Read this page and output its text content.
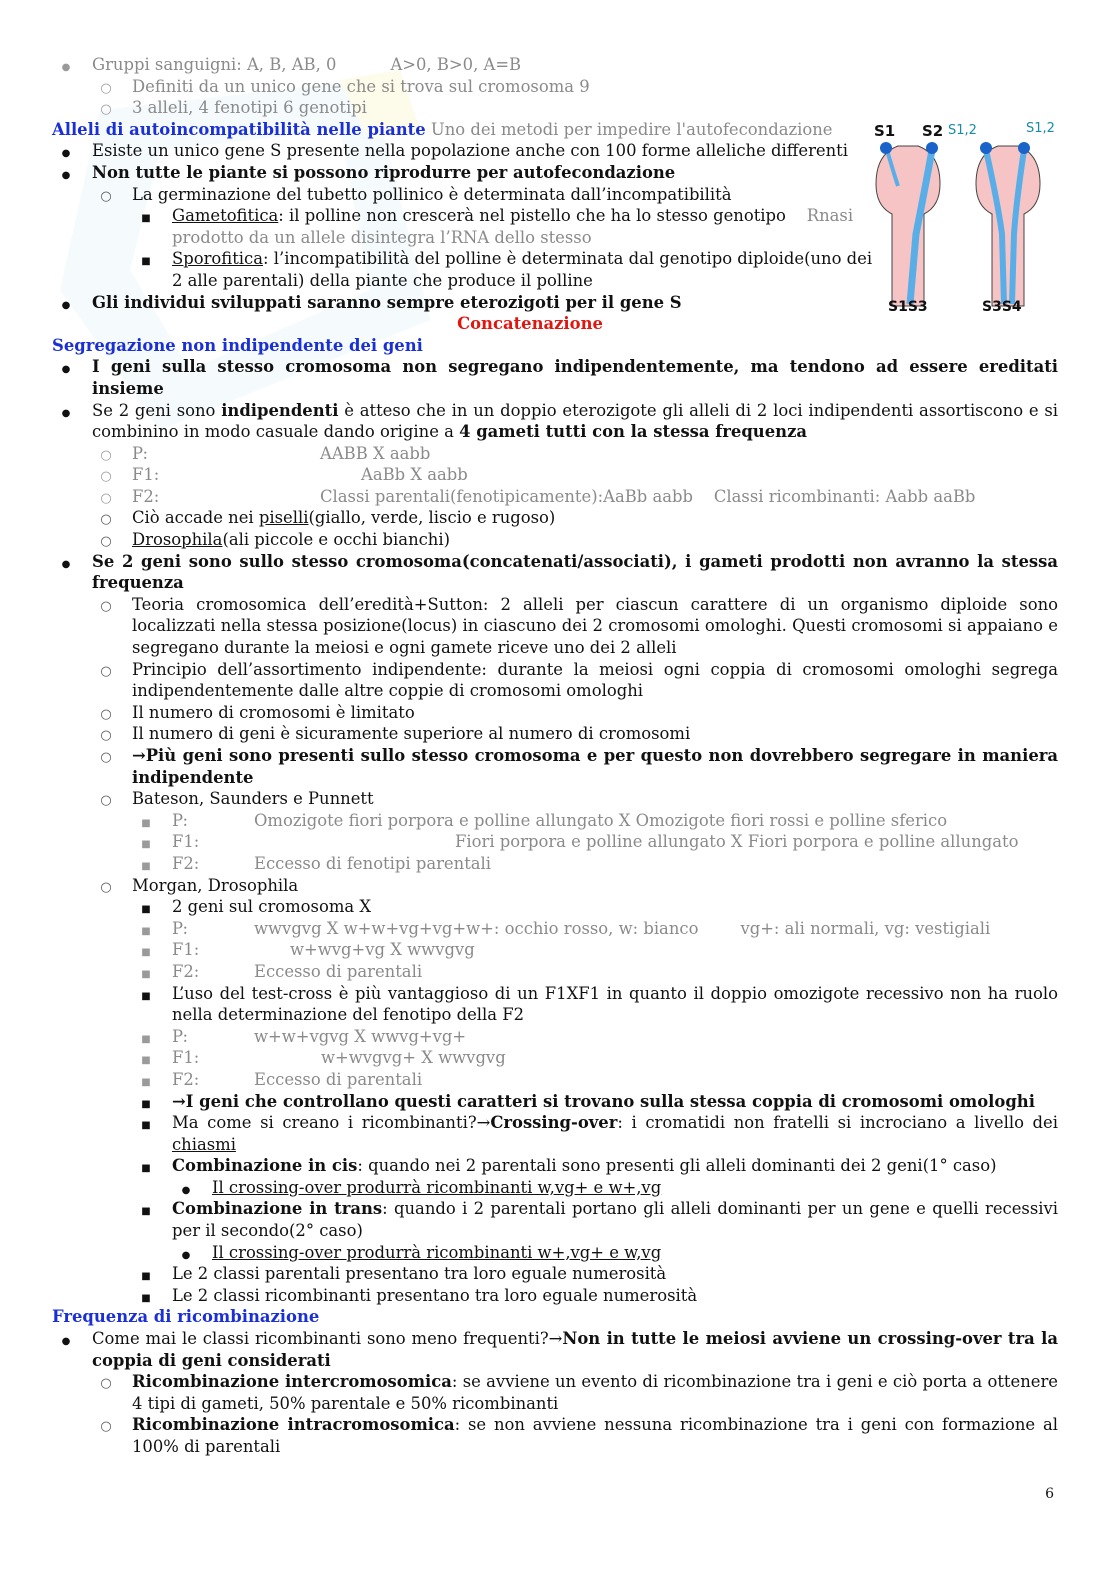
S1 S2 S1,2	S1,2
S1S3	S3S4
●
Gruppi sanguigni: A, B, AB, 0	A>0, B>0, A=B
○
Definiti da un unico gene che si trova sul cromosoma 9
○
3 alleli, 4 fenotipi 6 genotipi
Alleli di autoincompatibilità nelle piante Uno dei metodi per impedire l'autofecondazione
●
Esiste un unico gene S presente nella popolazione anche con 100 forme alleliche differenti
●
Non tutte le piante si possono riprodurre per autofecondazione
○
La germinazione del tubetto pollinico è determinata dall’incompatibilità
■
Gametofitica: il polline non crescerà nel pistello che ha lo stesso genotipo Rnasi prodotto da un allele disintegra l’RNA dello stesso
■
Sporofitica: l’incompatibilità del polline è determinata dal genotipo diploide(uno dei 2 alle parentali) della piante che produce il polline
●
Gli individui sviluppati saranno sempre eterozigoti per il gene S
Concatenazione
Segregazione non indipendente dei geni
●
I geni sulla stesso cromosoma non segregano indipendentemente, ma tendono ad essere ereditati insieme
●
Se 2 geni sono indipendenti è atteso che in un doppio eterozigote gli alleli di 2 loci indipendenti assortiscono e si combinino in modo casuale dando origine a 4 gameti tutti con la stessa frequenza
○
P:	AABB X aabb
○
F1:	AaBb X aabb
○
F2:	Classi parentali(fenotipicamente):AaBb aabb Classi ricombinanti: Aabb aaBb
○
Ciò accade nei piselli(giallo, verde, liscio e rugoso)
○
Drosophila(ali piccole e occhi bianchi)
●
Se 2 geni sono sullo stesso cromosoma(concatenati/associati), i gameti prodotti non avranno la stessa frequenza
○
Teoria cromosomica dell’eredità+Sutton: 2 alleli per ciascun carattere di un organismo diploide sono localizzati nella stessa posizione(locus) in ciascuno dei 2 cromosomi omologhi. Questi cromosomi si appaiano e segregano durante la meiosi e ogni gamete riceve uno dei 2 alleli
○
Principio dell’assortimento indipendente: durante la meiosi ogni coppia di cromosomi omologhi segrega indipendentemente dalle altre coppie di cromosomi omologhi
○
Il numero di cromosomi è limitato
○
Il numero di geni è sicuramente superiore al numero di cromosomi
○
→Più geni sono presenti sullo stesso cromosoma e per questo non dovrebbero segregare in maniera indipendente
○
Bateson, Saunders e Punnett
■
P:	Omozigote fiori porpora e polline allungato X Omozigote fiori rossi e polline sferico
■
F1:	Fiori porpora e polline allungato X Fiori porpora e polline allungato
■
F2:	Eccesso di fenotipi parentali
○
Morgan, Drosophila
■
2 geni sul cromosoma X
■
P:	wwvgvg X w+w+vg+vg+w+: occhio rosso, w: bianco	vg+: ali normali, vg: vestigiali
■
F1:	w+wvg+vg X wwvgvg
■
F2:	Eccesso di parentali
■
L’uso del test-cross è più vantaggioso di un F1XF1 in quanto il doppio omozigote recessivo non ha ruolo nella determinazione del fenotipo della F2
■
P:	w+w+vgvg X wwvg+vg+
■
F1:	w+wvgvg+ X wwvgvg
■
F2:	Eccesso di parentali
■
→I geni che controllano questi caratteri si trovano sulla stessa coppia di cromosomi omologhi
■
Ma come si creano i ricombinanti?→Crossing-over: i cromatidi non fratelli si incrociano a livello dei chiasmi
■
Combinazione in cis: quando nei 2 parentali sono presenti gli alleli dominanti dei 2 geni(1° caso)
●
Il crossing-over produrrà ricombinanti w,vg+ e w+,vg
■
Combinazione in trans: quando i 2 parentali portano gli alleli dominanti per un gene e quelli recessivi per il secondo(2° caso)
●
Il crossing-over produrrà ricombinanti w+,vg+ e w,vg
■
Le 2 classi parentali presentano tra loro eguale numerosità
■
Le 2 classi ricombinanti presentano tra loro eguale numerosità
Frequenza di ricombinazione
●
Come mai le classi ricombinanti sono meno frequenti?→Non in tutte le meiosi avviene un crossing-over tra la coppia di geni considerati
○
Ricombinazione intercromosomica: se avviene un evento di ricombinazione tra i geni e ciò porta a ottenere 4 tipi di gameti, 50% parentale e 50% ricombinanti
○
Ricombinazione intracromosomica: se non avviene nessuna ricombinazione tra i geni con formazione al 100% di parentali
6
